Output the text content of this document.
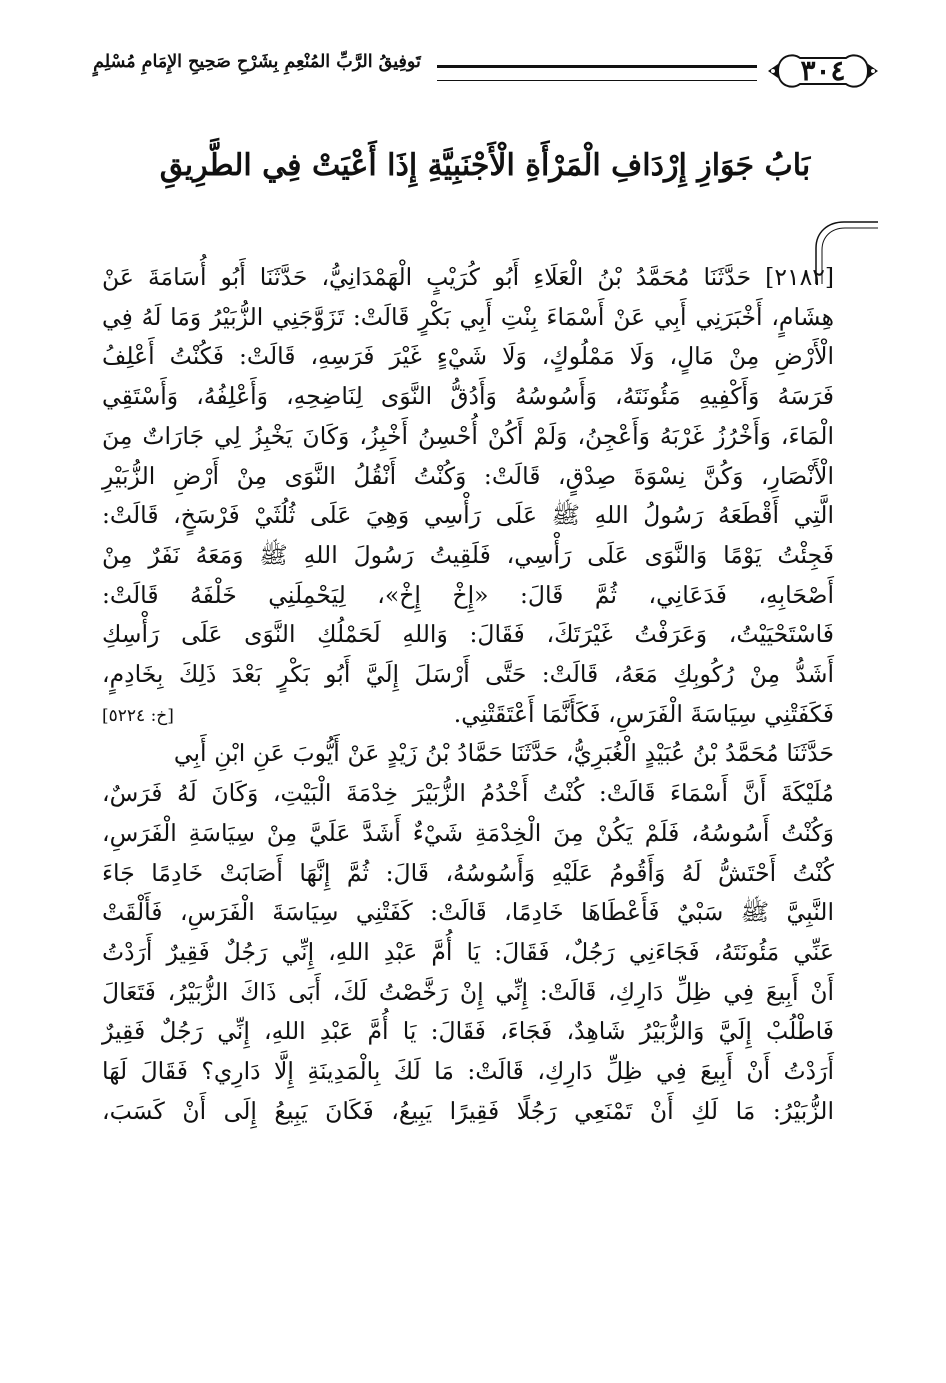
٣٠٤
تَوفِيقُ الرَّبِّ المُنْعِمِ بِشَرْحِ صَحِيحِ الإِمَامِ مُسْلِمٍ
بَابُ جَوَازِ إِرْدَافِ الْمَرْأَةِ الْأَجْنَبِيَّةِ إِذَا أَعْيَتْ فِي الطَّرِيقِ
[٢١٨٢] حَدَّثَنَا مُحَمَّدُ بْنُ الْعَلَاءِ أَبُو كُرَيْبٍ الْهَمْدَانِيُّ، حَدَّثَنَا أَبُو أُسَامَةَ عَنْ
هِشَامٍ، أَخْبَرَنِي أَبِي عَنْ أَسْمَاءَ بِنْتِ أَبِي بَكْرٍ قَالَتْ: تَزَوَّجَنِي الزُّبَيْرُ وَمَا لَهُ فِي
الْأَرْضِ مِنْ مَالٍ، وَلَا مَمْلُوكٍ، وَلَا شَيْءٍ غَيْرَ فَرَسِهِ، قَالَتْ: فَكُنْتُ أَعْلِفُ
فَرَسَهُ وَأَكْفِيهِ مَئُونَتَهُ، وَأَسُوسُهُ وَأَدُقُّ النَّوَى لِنَاضِحِهِ، وَأَعْلِفُهُ، وَأَسْتَقِي
الْمَاءَ، وَأَخْرُزُ غَرْبَهُ وَأَعْجِنُ، وَلَمْ أَكُنْ أُحْسِنُ أَخْبِزُ، وَكَانَ يَخْبِزُ لِي جَارَاتٌ مِنَ
الْأَنْصَارِ، وَكُنَّ نِسْوَةَ صِدْقٍ، قَالَتْ: وَكُنْتُ أَنْقُلُ النَّوَى مِنْ أَرْضِ الزُّبَيْرِ
الَّتِي أَقْطَعَهُ رَسُولُ اللهِ ﷺ عَلَى رَأْسِي وَهِيَ عَلَى ثُلُثَيْ فَرْسَخٍ، قَالَتْ:
فَجِئْتُ يَوْمًا وَالنَّوَى عَلَى رَأْسِي، فَلَقِيتُ رَسُولَ اللهِ ﷺ وَمَعَهُ نَفَرٌ مِنْ
أَصْحَابِهِ، فَدَعَانِي، ثُمَّ قَالَ: «إِخْ إِخْ»، لِيَحْمِلَنِي خَلْفَهُ قَالَتْ:
فَاسْتَحْيَيْتُ، وَعَرَفْتُ غَيْرَتَكَ، فَقَالَ: وَاللهِ لَحَمْلُكِ النَّوَى عَلَى رَأْسِكِ
أَشَدُّ مِنْ رُكُوبِكِ مَعَهُ، قَالَتْ: حَتَّى أَرْسَلَ إِلَيَّ أَبُو بَكْرٍ بَعْدَ ذَلِكَ بِخَادِمٍ،
فَكَفَتْنِي سِيَاسَةَ الْفَرَسِ، فَكَأَنَّمَا أَعْتَقَتْنِي.
[خ: ٥٢٢٤]
حَدَّثَنَا مُحَمَّدُ بْنُ عُبَيْدٍ الْغُبَرِيُّ، حَدَّثَنَا حَمَّادُ بْنُ زَيْدٍ عَنْ أَيُّوبَ عَنِ ابْنِ أَبِي
مُلَيْكَةَ أَنَّ أَسْمَاءَ قَالَتْ: كُنْتُ أَخْدُمُ الزُّبَيْرَ خِدْمَةَ الْبَيْتِ، وَكَانَ لَهُ فَرَسٌ،
وَكُنْتُ أَسُوسُهُ، فَلَمْ يَكُنْ مِنَ الْخِدْمَةِ شَيْءٌ أَشَدَّ عَلَيَّ مِنْ سِيَاسَةِ الْفَرَسِ،
كُنْتُ أَحْتَشُّ لَهُ وَأَقُومُ عَلَيْهِ وَأَسُوسُهُ، قَالَ: ثُمَّ إِنَّهَا أَصَابَتْ خَادِمًا جَاءَ
النَّبِيَّ ﷺ سَبْيٌ فَأَعْطَاهَا خَادِمًا، قَالَتْ: كَفَتْنِي سِيَاسَةَ الْفَرَسِ، فَأَلْقَتْ
عَنِّي مَئُونَتَهُ، فَجَاءَنِي رَجُلٌ، فَقَالَ: يَا أُمَّ عَبْدِ اللهِ، إِنِّي رَجُلٌ فَقِيرٌ أَرَدْتُ
أَنْ أَبِيعَ فِي ظِلِّ دَارِكِ، قَالَتْ: إِنِّي إِنْ رَخَّصْتُ لَكَ، أَبَى ذَاكَ الزُّبَيْرُ، فَتَعَالَ
فَاطْلُبْ إِلَيَّ وَالزُّبَيْرُ شَاهِدٌ، فَجَاءَ، فَقَالَ: يَا أُمَّ عَبْدِ اللهِ، إِنِّي رَجُلٌ فَقِيرٌ
أَرَدْتُ أَنْ أَبِيعَ فِي ظِلِّ دَارِكِ، قَالَتْ: مَا لَكَ بِالْمَدِينَةِ إِلَّا دَارِي؟ فَقَالَ لَهَا
الزُّبَيْرُ: مَا لَكِ أَنْ تَمْنَعِي رَجُلًا فَقِيرًا يَبِيعُ، فَكَانَ يَبِيعُ إِلَى أَنْ كَسَبَ،
